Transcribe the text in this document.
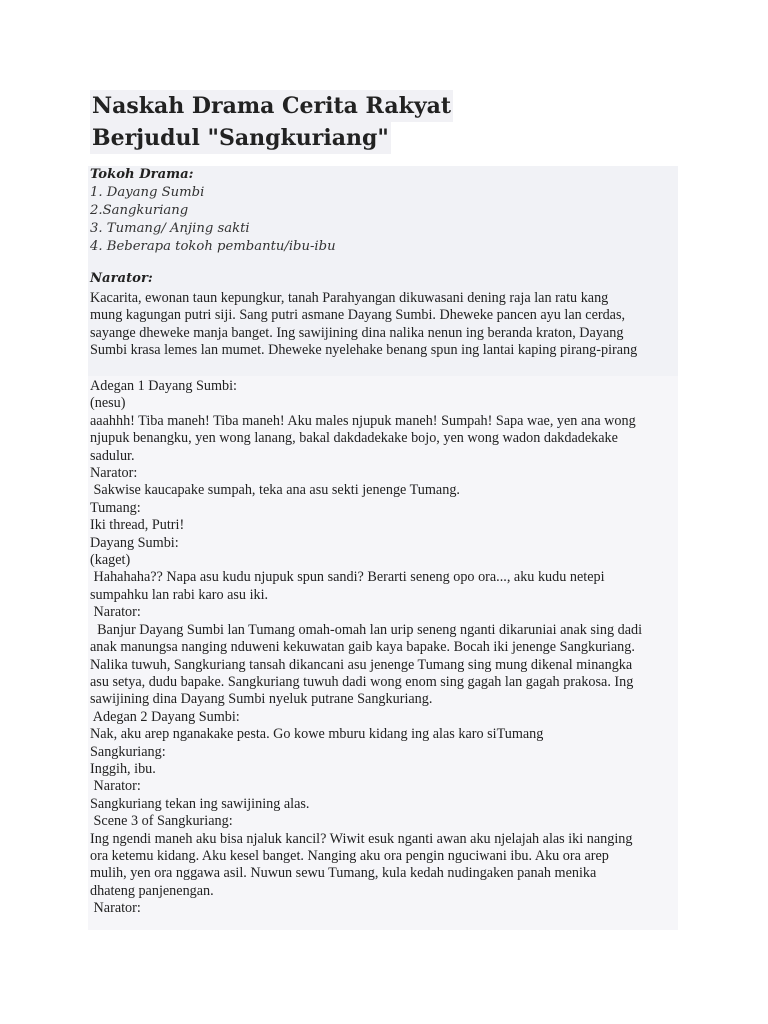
Naskah Drama Cerita Rakyat
Berjudul "Sangkuriang"
Tokoh Drama:
1. Dayang Sumbi
2.Sangkuriang
3. Tumang/ Anjing sakti
4. Beberapa tokoh pembantu/ibu-ibu

Narator:

Kacarita, ewonan taun kepungkur, tanah Parahyangan dikuwasani dening raja lan ratu kang
mung kagungan putri siji. Sang putri asmane Dayang Sumbi. Dheweke pancen ayu lan cerdas,
sayange dheweke manja banget. Ing sawijining dina nalika nenun ing beranda kraton, Dayang
Sumbi krasa lemes lan mumet. Dheweke nyelehake benang spun ing lantai kaping pirang-pirang
Adegan 1 Dayang Sumbi:
(nesu)
aaahhh! Tiba maneh! Tiba maneh! Aku males njupuk maneh! Sumpah! Sapa wae, yen ana wong
njupuk benangku, yen wong lanang, bakal dakdadekake bojo, yen wong wadon dakdadekake
sadulur.
Narator:
Sakwise kaucapake sumpah, teka ana asu sekti jenenge Tumang.
Tumang:
Iki thread, Putri!
Dayang Sumbi:
(kaget)
Hahahaha?? Napa asu kudu njupuk spun sandi? Berarti seneng opo ora..., aku kudu netepi
sumpahku lan rabi karo asu iki.
Narator:
Banjur Dayang Sumbi lan Tumang omah-omah lan urip seneng nganti dikaruniai anak sing dadi
anak manungsa nanging nduweni kekuwatan gaib kaya bapake. Bocah iki jenenge Sangkuriang.
Nalika tuwuh, Sangkuriang tansah dikancani asu jenenge Tumang sing mung dikenal minangka
asu setya, dudu bapake. Sangkuriang tuwuh dadi wong enom sing gagah lan gagah prakosa. Ing
sawijining dina Dayang Sumbi nyeluk putrane Sangkuriang.
Adegan 2 Dayang Sumbi:
Nak, aku arep nganakake pesta. Go kowe mburu kidang ing alas karo siTumang
Sangkuriang:
Inggih, ibu.
Narator:
Sangkuriang tekan ing sawijining alas.
Scene 3 of Sangkuriang:
Ing ngendi maneh aku bisa njaluk kancil? Wiwit esuk nganti awan aku njelajah alas iki nanging
ora ketemu kidang. Aku kesel banget. Nanging aku ora pengin nguciwani ibu. Aku ora arep
mulih, yen ora nggawa asil. Nuwun sewu Tumang, kula kedah nudingaken panah menika
dhateng panjenengan.
Narator:
